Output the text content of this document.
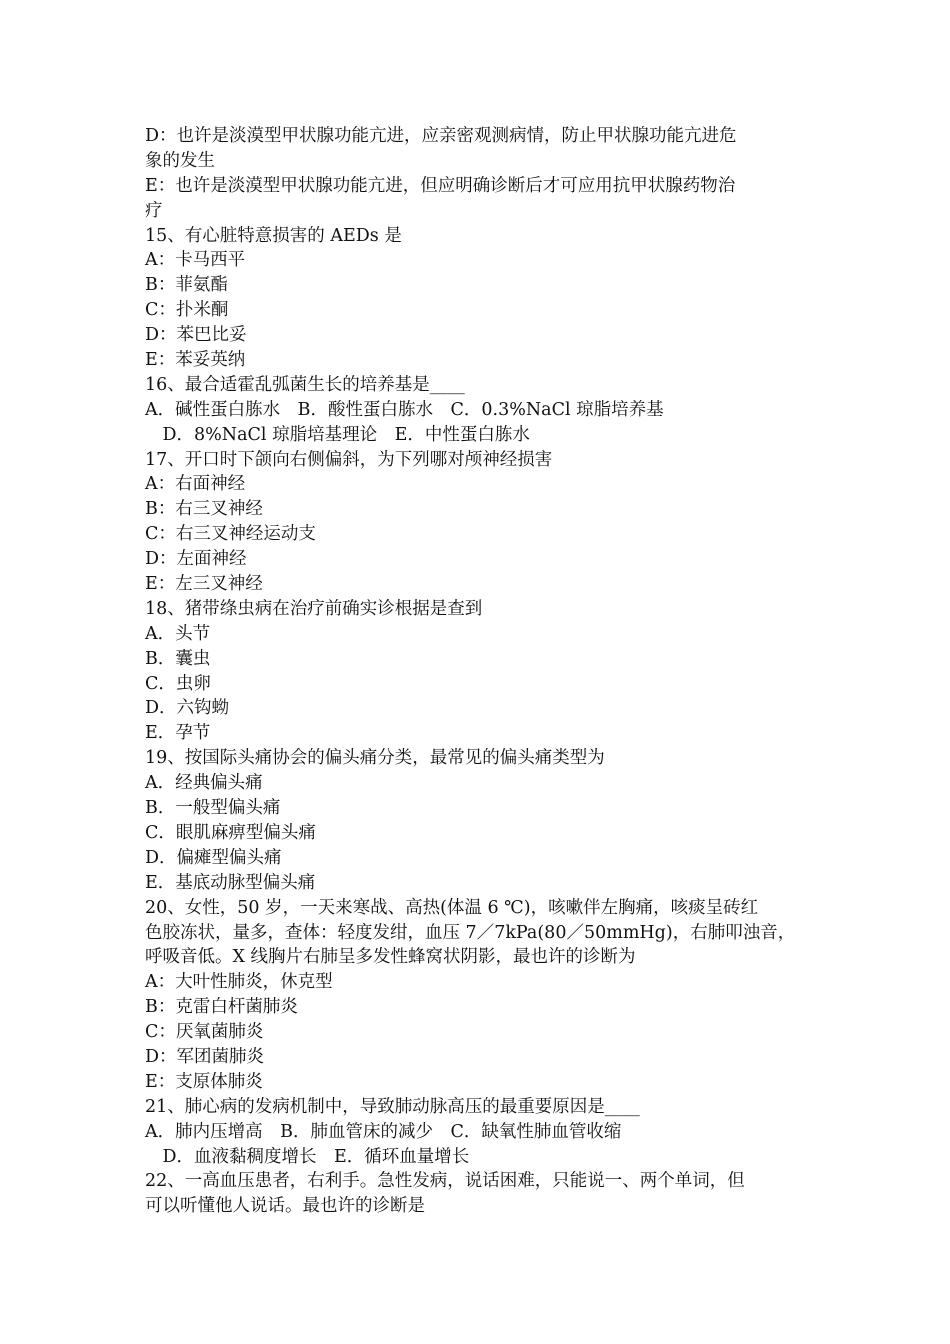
D：也许是淡漠型甲状腺功能亢进，应亲密观测病情，防止甲状腺功能亢进危
象的发生
E：也许是淡漠型甲状腺功能亢进，但应明确诊断后才可应用抗甲状腺药物治
疗
15、有心脏特意损害的 AEDs 是
A：卡马西平
B：菲氨酯
C：扑米酮
D：苯巴比妥
E：苯妥英纳
16、最合适霍乱弧菌生长的培养基是____
A．碱性蛋白胨水　B．酸性蛋白胨水　C．0.3%NaCl 琼脂培养基
　D．8%NaCl 琼脂培基理论　E．中性蛋白胨水
17、开口时下颌向右侧偏斜，为下列哪对颅神经损害
A：右面神经
B：右三叉神经
C：右三叉神经运动支
D：左面神经
E：左三叉神经
18、猪带绦虫病在治疗前确实诊根据是查到
A．头节
B．囊虫
C．虫卵
D．六钩蚴
E．孕节
19、按国际头痛协会的偏头痛分类，最常见的偏头痛类型为
A．经典偏头痛
B．一般型偏头痛
C．眼肌麻痹型偏头痛
D．偏瘫型偏头痛
E．基底动脉型偏头痛
20、女性，50 岁，一天来寒战、高热(体温 6 ℃)，咳嗽伴左胸痛，咳痰呈砖红
色胶冻状，量多，查体：轻度发绀，血压 7／7kPa(80／50mmHg)，右肺叩浊音，
呼吸音低。X 线胸片右肺呈多发性蜂窝状阴影，最也许的诊断为
A：大叶性肺炎，休克型
B：克雷白杆菌肺炎
C：厌氧菌肺炎
D：军团菌肺炎
E：支原体肺炎
21、肺心病的发病机制中，导致肺动脉高压的最重要原因是____
A．肺内压增高　B．肺血管床的减少　C．缺氧性肺血管收缩
　D．血液黏稠度增长　E．循环血量增长
22、一高血压患者，右利手。急性发病，说话困难，只能说一、两个单词，但
可以听懂他人说话。最也许的诊断是
